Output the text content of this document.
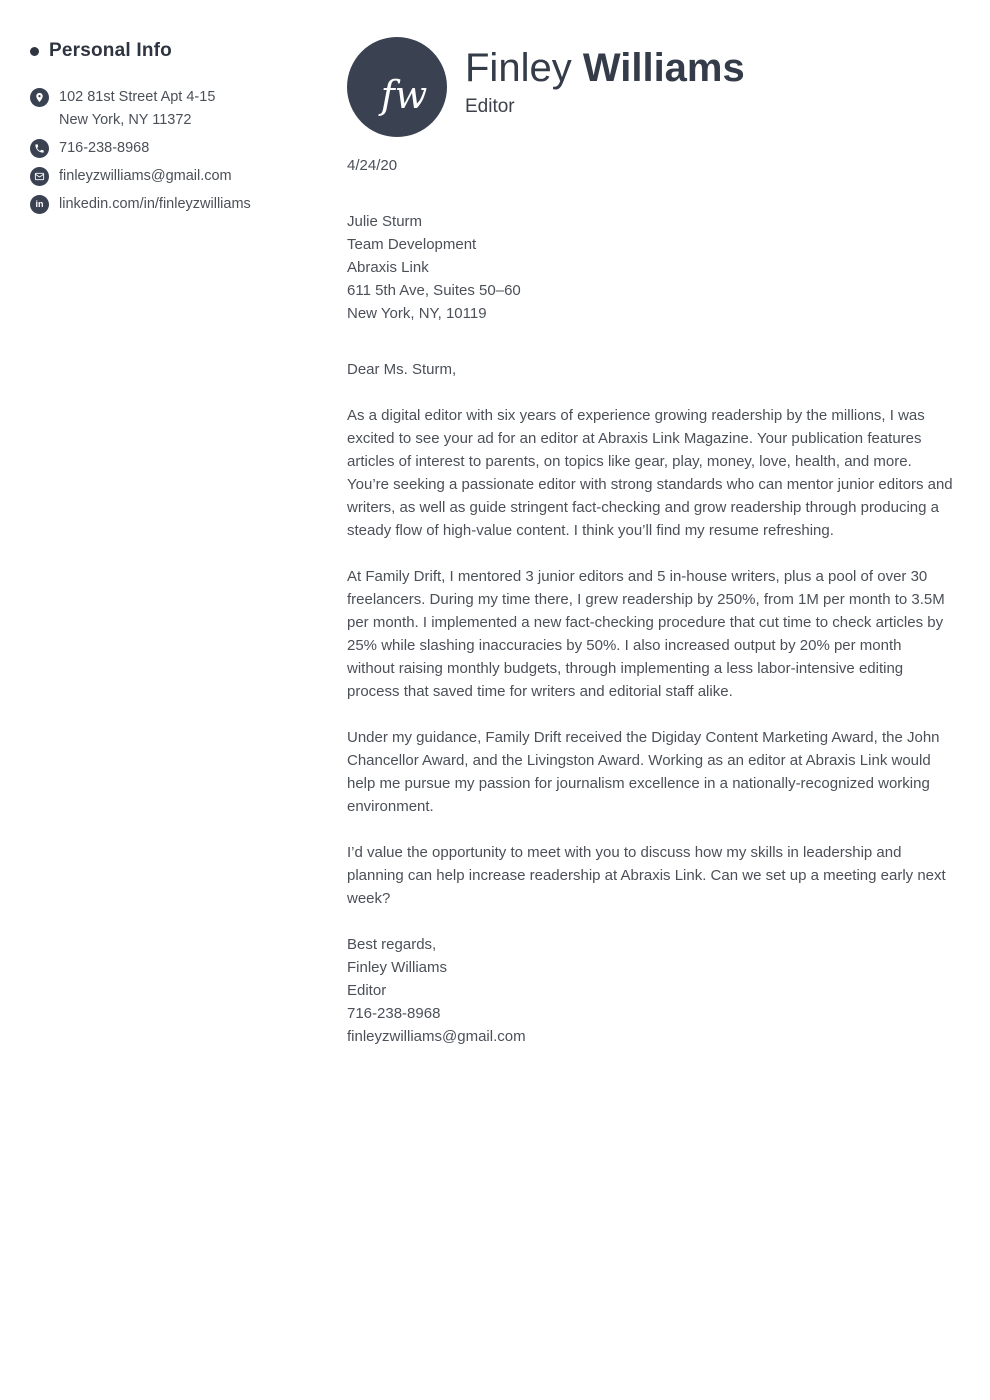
Personal Info
102 81st Street Apt 4-15
New York, NY 11372
716-238-8968
finleyzwilliams@gmail.com
in linkedin.com/in/finleyzwilliams
fw
Finley Williams
Editor
4/24/20
Julie Sturm
Team Development
Abraxis Link
611 5th Ave, Suites 50–60
New York, NY, 10119

Dear Ms. Sturm,

As a digital editor with six years of experience growing readership by the millions, I was excited to see your ad for an editor at Abraxis Link Magazine. Your publication features articles of interest to parents, on topics like gear, play, money, love, health, and more. You’re seeking a passionate editor with strong standards who can mentor junior editors and writers, as well as guide stringent fact-checking and grow readership through producing a steady flow of high-value content. I think you’ll find my resume refreshing.

At Family Drift, I mentored 3 junior editors and 5 in-house writers, plus a pool of over 30 freelancers. During my time there, I grew readership by 250%, from 1M per month to 3.5M per month. I implemented a new fact-checking procedure that cut time to check articles by 25% while slashing inaccuracies by 50%. I also increased output by 20% per month without raising monthly budgets, through implementing a less labor-intensive editing process that saved time for writers and editorial staff alike.

Under my guidance, Family Drift received the Digiday Content Marketing Award, the John Chancellor Award, and the Livingston Award. Working as an editor at Abraxis Link would help me pursue my passion for journalism excellence in a nationally-recognized working environment.

I’d value the opportunity to meet with you to discuss how my skills in leadership and planning can help increase readership at Abraxis Link. Can we set up a meeting early next week?

Best regards,
Finley Williams
Editor
716-238-8968
finleyzwilliams@gmail.com
